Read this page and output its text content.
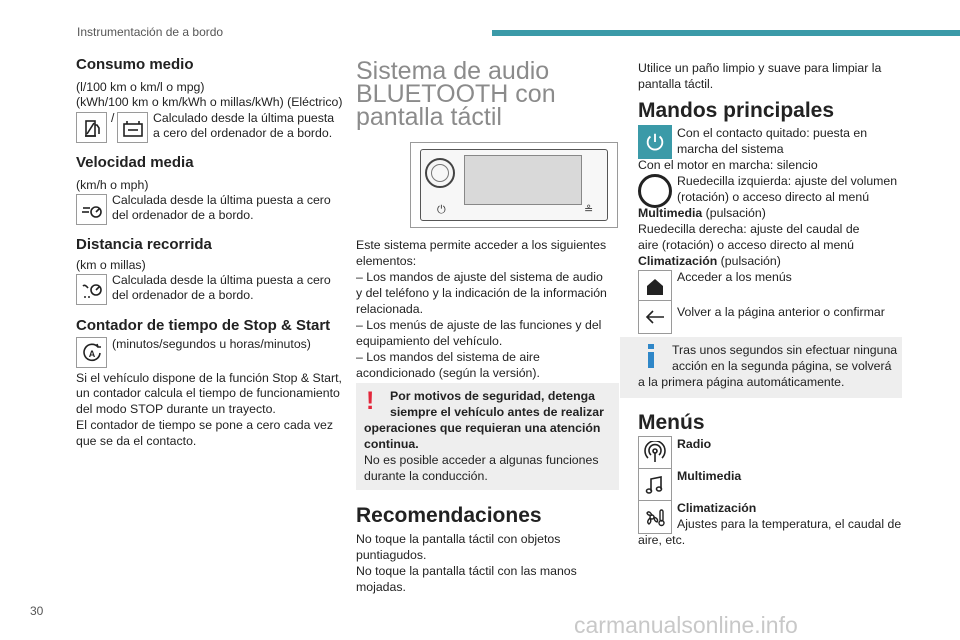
Instrumentación de a bordo
30
carmanualsonline.info
Consumo medio
(l/100 km o km/l o mpg)
(kWh/100 km o km/kWh o millas/kWh) (Eléctrico)
/	Calculado desde la última puesta
a cero del ordenador de a bordo.
Velocidad media
(km/h o mph)
Calculada desde la última puesta a cero
del ordenador de a bordo.
Distancia recorrida
(km o millas)
Calculada desde la última puesta a cero
del ordenador de a bordo.
Contador de tiempo de Stop & Start
A
(minutos/segundos u horas/minutos)
Si el vehículo dispone de la función Stop & Start,
un contador calcula el tiempo de funcionamiento
del modo STOP durante un trayecto.
El contador de tiempo se pone a cero cada vez
que se da el contacto.
Sistema de audio
BLUETOOTH con
pantalla táctil
⏻	≗
Este sistema permite acceder a los siguientes
elementos:
– Los mandos de ajuste del sistema de audio
y del teléfono y la indicación de la información
relacionada.
– Los menús de ajuste de las funciones y del
equipamiento del vehículo.
– Los mandos del sistema de aire
acondicionado (según la versión).
! Por motivos de seguridad, detenga
siempre el vehículo antes de realizar
operaciones que requieran una atención
continua.
No es posible acceder a algunas funciones
durante la conducción.
Recomendaciones
No toque la pantalla táctil con objetos
puntiagudos.
No toque la pantalla táctil con las manos
mojadas.
Utilice un paño limpio y suave para limpiar la
pantalla táctil.
Mandos principales
Con el contacto quitado: puesta en
marcha del sistema
Con el motor en marcha: silencio
Ruedecilla izquierda: ajuste del volumen
(rotación) o acceso directo al menú
Multimedia (pulsación)
Ruedecilla derecha: ajuste del caudal de
aire (rotación) o acceso directo al menú
Climatización (pulsación)
Acceder a los menús
Volver a la página anterior o confirmar
Tras unos segundos sin efectuar ninguna
acción en la segunda página, se volverá
a la primera página automáticamente.
Menús
Radio
Multimedia
Climatización
Ajustes para la temperatura, el caudal de
aire, etc.
